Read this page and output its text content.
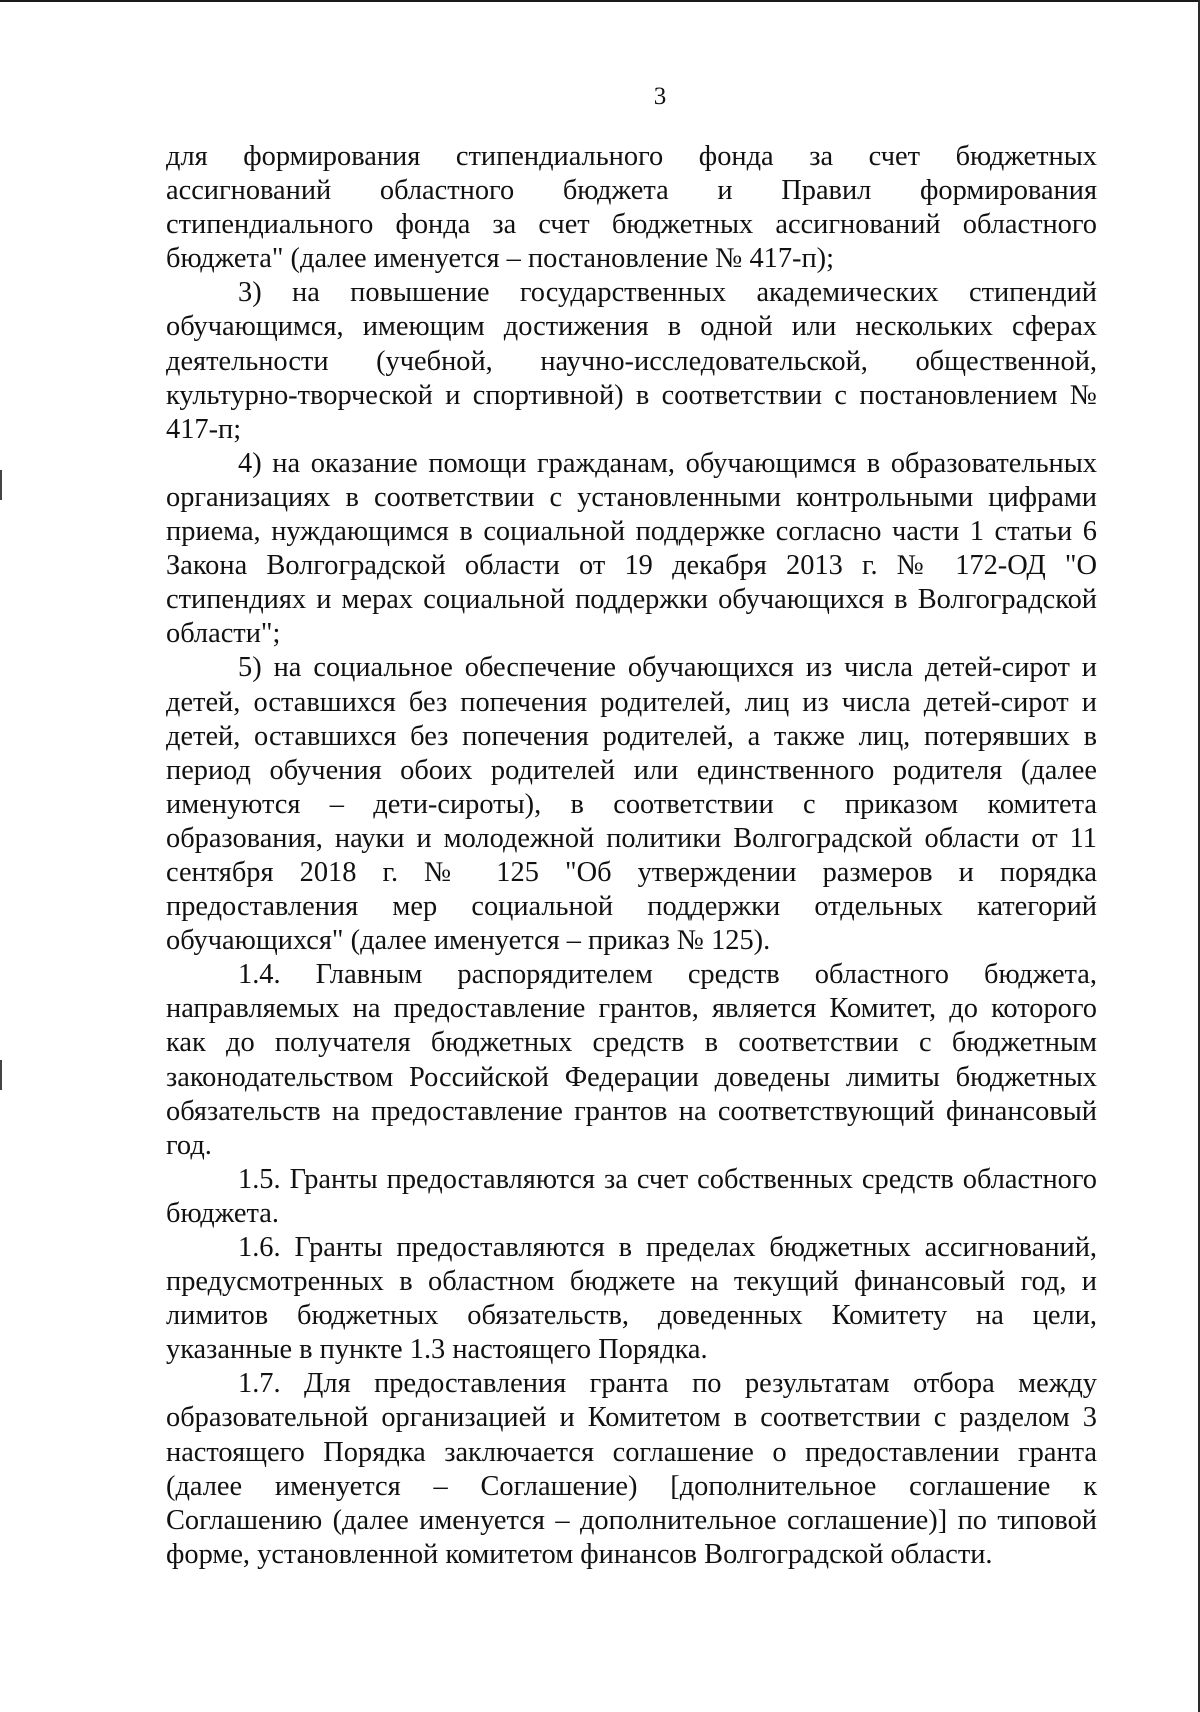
3

для формирования стипендиального фонда за счет бюджетных ассигнований областного бюджета и Правил формирования стипендиального фонда за счет бюджетных ассигнований областного бюджета" (далее именуется – постановление № 417-п);

3) на повышение государственных академических стипендий обучающимся, имеющим достижения в одной или нескольких сферах деятельности (учебной, научно-исследовательской, общественной, культурно-творческой и спортивной) в соответствии с постановлением № 417-п;

4) на оказание помощи гражданам, обучающимся в образовательных организациях в соответствии с установленными контрольными цифрами приема, нуждающимся в социальной поддержке согласно части 1 статьи 6 Закона Волгоградской области от 19 декабря 2013 г. № 172-ОД "О стипендиях и мерах социальной поддержки обучающихся в Волгоградской области";

5) на социальное обеспечение обучающихся из числа детей-сирот и детей, оставшихся без попечения родителей, лиц из числа детей-сирот и детей, оставшихся без попечения родителей, а также лиц, потерявших в период обучения обоих родителей или единственного родителя (далее именуются – дети-сироты), в соответствии с приказом комитета образования, науки и молодежной политики Волгоградской области от 11 сентября 2018 г. № 125 "Об утверждении размеров и порядка предоставления мер социальной поддержки отдельных категорий обучающихся" (далее именуется – приказ № 125).

1.4. Главным распорядителем средств областного бюджета, направляемых на предоставление грантов, является Комитет, до которого как до получателя бюджетных средств в соответствии с бюджетным законодательством Российской Федерации доведены лимиты бюджетных обязательств на предоставление грантов на соответствующий финансовый год.

1.5. Гранты предоставляются за счет собственных средств областного бюджета.

1.6. Гранты предоставляются в пределах бюджетных ассигнований, предусмотренных в областном бюджете на текущий финансовый год, и лимитов бюджетных обязательств, доведенных Комитету на цели, указанные в пункте 1.3 настоящего Порядка.

1.7. Для предоставления гранта по результатам отбора между образовательной организацией и Комитетом в соответствии с разделом 3 настоящего Порядка заключается соглашение о предоставлении гранта (далее именуется – Соглашение) [дополнительное соглашение к Соглашению (далее именуется – дополнительное соглашение)] по типовой форме, установленной комитетом финансов Волгоградской области.
